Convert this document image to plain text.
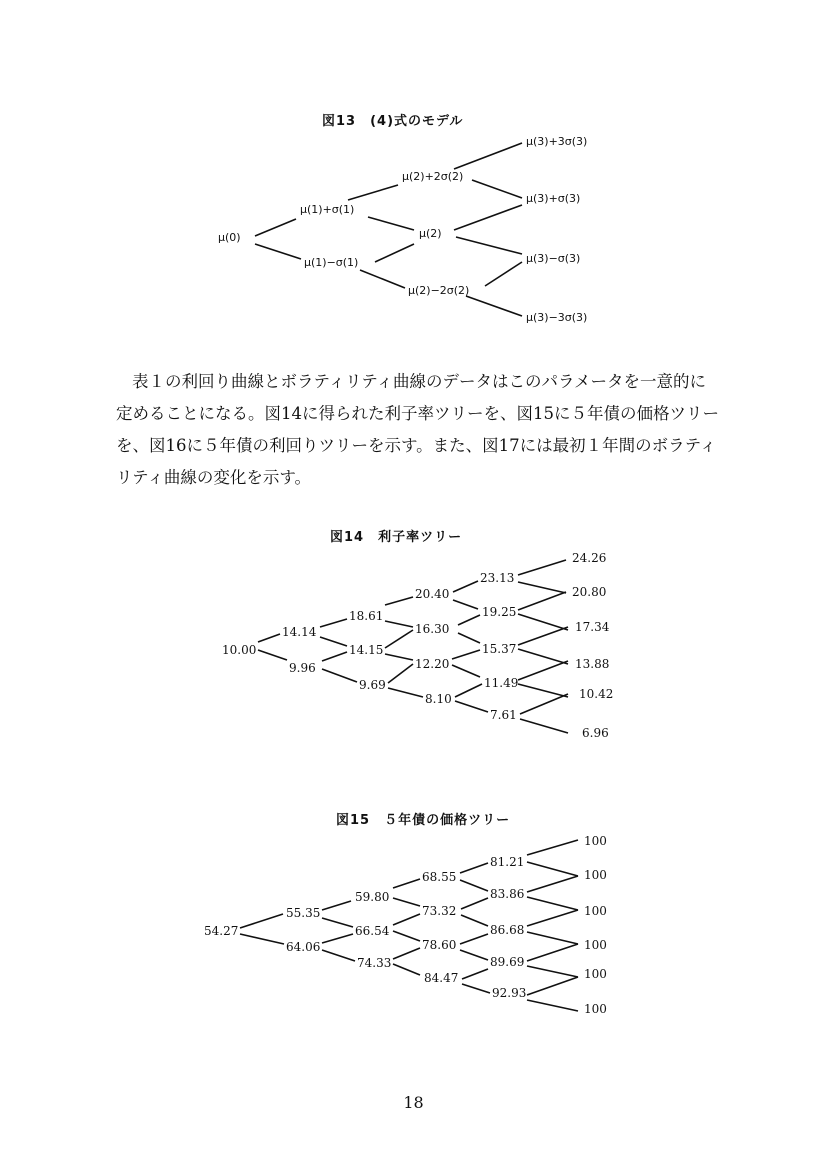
図13　(4)式のモデル
μ(0)
μ(1)+σ(1)
μ(1)−σ(1)
μ(2)+2σ(2)
μ(2)
μ(2)−2σ(2)
μ(3)+3σ(3)
μ(3)+σ(3)
μ(3)−σ(3)
μ(3)−3σ(3)
表１の利回り曲線とボラティリティ曲線のデータはこのパラメータを一意的に
定めることになる。図14に得られた利子率ツリーを、図15に５年債の価格ツリー
を、図16に５年債の利回りツリーを示す。また、図17には最初１年間のボラティ
リティ曲線の変化を示す。
図14　利子率ツリー
10.00
14.14
9.96
18.61
14.15
9.69
20.40
16.30
12.20
8.10
23.13
19.25
15.37
11.49
7.61
24.26
20.80
17.34
13.88
10.42
6.96
図15　５年債の価格ツリー
54.27
55.35
64.06
59.80
66.54
74.33
68.55
73.32
78.60
84.47
81.21
83.86
86.68
89.69
92.93
100
100
100
100
100
100
18
